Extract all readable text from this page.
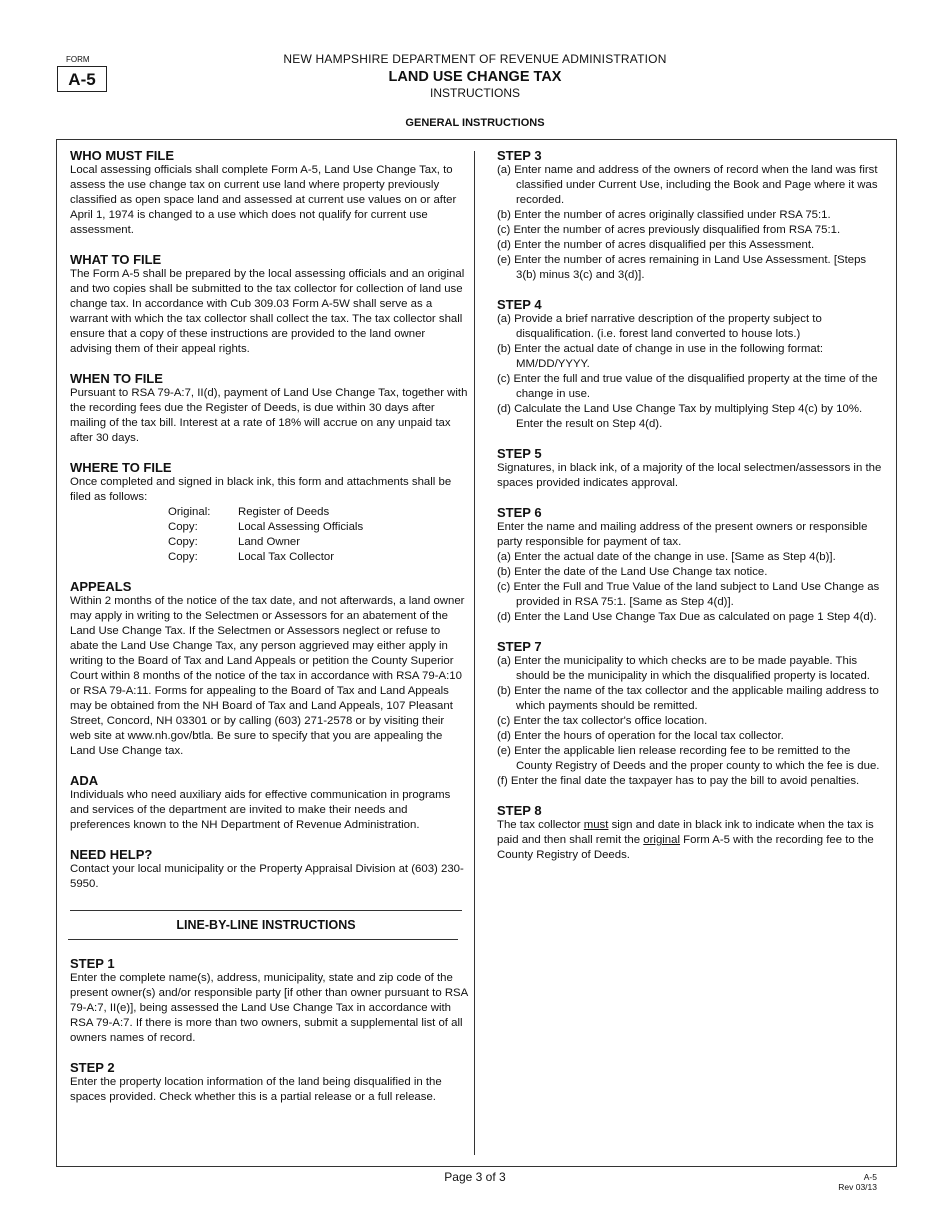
FORM
A-5
NEW HAMPSHIRE DEPARTMENT OF REVENUE ADMINISTRATION
LAND USE CHANGE TAX
INSTRUCTIONS
GENERAL INSTRUCTIONS
WHO MUST FILE

Local assessing officials shall complete Form A-5, Land Use Change Tax, to assess the use change tax on current use land where property previously classified as open space land and assessed at current use values on or after April 1, 1974 is changed to a use which does not qualify for current use assessment.

WHAT TO FILE

The Form A-5 shall be prepared by the local assessing officials and an original and two copies shall be submitted to the tax collector for collection of land use change tax. In accordance with Cub 309.03 Form A-5W shall serve as a warrant with which the tax collector shall collect the tax. The tax collector shall ensure that a copy of these instructions are provided to the land owner advising them of their appeal rights.

WHEN TO FILE

Pursuant to RSA 79-A:7, II(d), payment of Land Use Change Tax, together with the recording fees due the Register of Deeds, is due within 30 days after mailing of the tax bill. Interest at a rate of 18% will accrue on any unpaid tax after 30 days.

WHERE TO FILE

Once completed and signed in black ink, this form and attachments shall be filed as follows:

Original:	Register of Deeds
Copy:	Local Assessing Officials
Copy:	Land Owner
Copy:	Local Tax Collector
APPEALS

Within 2 months of the notice of the tax date, and not afterwards, a land owner may apply in writing to the Selectmen or Assessors for an abatement of the Land Use Change Tax. If the Selectmen or Assessors neglect or refuse to abate the Land Use Change Tax, any person aggrieved may either apply in writing to the Board of Tax and Land Appeals or petition the County Superior Court within 8 months of the notice of the tax in accordance with RSA 79-A:10 or RSA 79-A:11. Forms for appealing to the Board of Tax and Land Appeals may be obtained from the NH Board of Tax and Land Appeals, 107 Pleasant Street, Concord, NH 03301 or by calling (603) 271-2578 or by visiting their web site at www.nh.gov/btla. Be sure to specify that you are appealing the Land Use Change tax.

ADA

Individuals who need auxiliary aids for effective communication in programs and services of the department are invited to make their needs and preferences known to the NH Department of Revenue Administration.

NEED HELP?

Contact your local municipality or the Property Appraisal Division at (603) 230-5950.

LINE-BY-LINE INSTRUCTIONS
STEP 1

Enter the complete name(s), address, municipality, state and zip code of the present owner(s) and/or responsible party [if other than owner pursuant to RSA 79-A:7, II(e)], being assessed the Land Use Change Tax in accordance with RSA 79-A:7. If there is more than two owners, submit a supplemental list of all owners names of record.

STEP 2

Enter the property location information of the land being disqualified in the spaces provided. Check whether this is a partial release or a full release.

STEP 3
(a) Enter name and address of the owners of record when the land was first classified under Current Use, including the Book and Page where it was recorded.
(b) Enter the number of acres originally classified under RSA 75:1.
(c) Enter the number of acres previously disqualified from RSA 75:1.
(d) Enter the number of acres disqualified per this Assessment.
(e) Enter the number of acres remaining in Land Use Assessment. [Steps 3(b) minus 3(c) and 3(d)].
STEP 4
(a) Provide a brief narrative description of the property subject to disqualification. (i.e. forest land converted to house lots.)
(b) Enter the actual date of change in use in the following format: MM/DD/YYYY.
(c) Enter the full and true value of the disqualified property at the time of the change in use.
(d) Calculate the Land Use Change Tax by multiplying Step 4(c) by 10%. Enter the result on Step 4(d).
STEP 5

Signatures, in black ink, of a majority of the local selectmen/assessors in the spaces provided indicates approval.

STEP 6

Enter the name and mailing address of the present owners or responsible party responsible for payment of tax.

(a) Enter the actual date of the change in use. [Same as Step 4(b)].
(b) Enter the date of the Land Use Change tax notice.
(c) Enter the Full and True Value of the land subject to Land Use Change as provided in RSA 75:1. [Same as Step 4(d)].
(d) Enter the Land Use Change Tax Due as calculated on page 1 Step 4(d).
STEP 7
(a) Enter the municipality to which checks are to be made payable. This should be the municipality in which the disqualified property is located.
(b) Enter the name of the tax collector and the applicable mailing address to which payments should be remitted.
(c) Enter the tax collector's office location.
(d) Enter the hours of operation for the local tax collector.
(e) Enter the applicable lien release recording fee to be remitted to the County Registry of Deeds and the proper county to which the fee is due.
(f) Enter the final date the taxpayer has to pay the bill to avoid penalties.
STEP 8

The tax collector must sign and date in black ink to indicate when the tax is paid and then shall remit the original Form A-5 with the recording fee to the County Registry of Deeds.

Page 3 of 3	A-5
Rev 03/13
